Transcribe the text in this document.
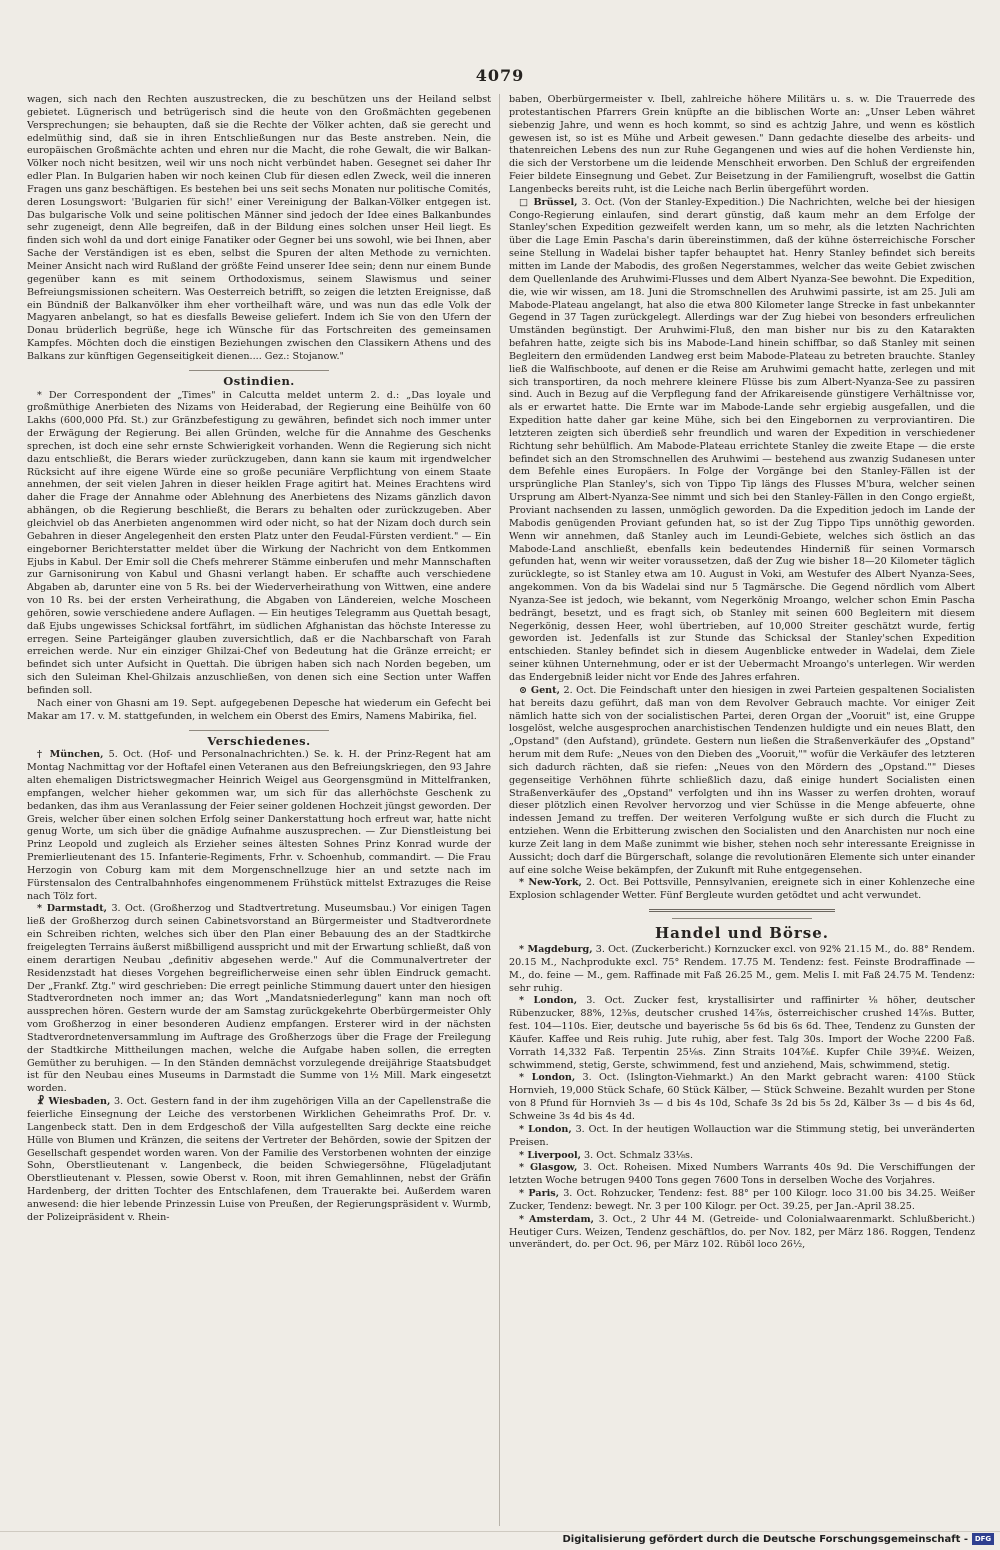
4079

wagen, sich nach den Rechten auszustrecken, die zu beschützen uns der Heiland selbst gebietet. Lügnerisch und betrügerisch sind die heute von den Großmächten gegebenen Versprechungen; sie behaupten, daß sie die Rechte der Völker achten, daß sie gerecht und edelmüthig sind, daß sie in ihren Entschließungen nur das Beste anstreben. Nein, die europäischen Großmächte achten und ehren nur die Macht, die rohe Gewalt, die wir Balkan-Völker noch nicht besitzen, weil wir uns noch nicht verbündet haben. Gesegnet sei daher Ihr edler Plan. In Bulgarien haben wir noch keinen Club für diesen edlen Zweck, weil die inneren Fragen uns ganz beschäftigen. Es bestehen bei uns seit sechs Monaten nur politische Comités, deren Losungswort: 'Bulgarien für sich!' einer Vereinigung der Balkan-Völker entgegen ist. Das bulgarische Volk und seine politischen Männer sind jedoch der Idee eines Balkanbundes sehr zugeneigt, denn Alle begreifen, daß in der Bildung eines solchen unser Heil liegt. Es finden sich wohl da und dort einige Fanatiker oder Gegner bei uns sowohl, wie bei Ihnen, aber Sache der Verständigen ist es eben, selbst die Spuren der alten Methode zu vernichten. Meiner Ansicht nach wird Rußland der größte Feind unserer Idee sein; denn nur einem Bunde gegenüber kann es mit seinem Orthodoxismus, seinem Slawismus und seiner Befreiungsmissionen scheitern. Was Oesterreich betrifft, so zeigen die letzten Ereignisse, daß ein Bündniß der Balkanvölker ihm eher vortheilhaft wäre, und was nun das edle Volk der Magyaren anbelangt, so hat es diesfalls Beweise geliefert. Indem ich Sie von den Ufern der Donau brüderlich begrüße, hege ich Wünsche für das Fortschreiten des gemeinsamen Kampfes. Möchten doch die einstigen Beziehungen zwischen den Classikern Athens und des Balkans zur künftigen Gegenseitigkeit dienen.... Gez.: Stojanow."

Ostindien.

* Der Correspondent der „Times" in Calcutta meldet unterm 2. d.: „Das loyale und großmüthige Anerbieten des Nizams von Heiderabad, der Regierung eine Beihülfe von 60 Lakhs (600,000 Pfd. St.) zur Gränzbefestigung zu gewähren, befindet sich noch immer unter der Erwägung der Regierung. Bei allen Gründen, welche für die Annahme des Geschenks sprechen, ist doch eine sehr ernste Schwierigkeit vorhanden. Wenn die Regierung sich nicht dazu entschließt, die Berars wieder zurückzugeben, dann kann sie kaum mit irgendwelcher Rücksicht auf ihre eigene Würde eine so große pecuniäre Verpflichtung von einem Staate annehmen, der seit vielen Jahren in dieser heiklen Frage agitirt hat. Meines Erachtens wird daher die Frage der Annahme oder Ablehnung des Anerbietens des Nizams gänzlich davon abhängen, ob die Regierung beschließt, die Berars zu behalten oder zurückzugeben. Aber gleichviel ob das Anerbieten angenommen wird oder nicht, so hat der Nizam doch durch sein Gebahren in dieser Angelegenheit den ersten Platz unter den Feudal-Fürsten verdient." — Ein eingeborner Berichterstatter meldet über die Wirkung der Nachricht von dem Entkommen Ejubs in Kabul. Der Emir soll die Chefs mehrerer Stämme einberufen und mehr Mannschaften zur Garnisonirung von Kabul und Ghasni verlangt haben. Er schaffte auch verschiedene Abgaben ab, darunter eine von 5 Rs. bei der Wiederverheirathung von Wittwen, eine andere von 10 Rs. bei der ersten Verheirathung, die Abgaben von Ländereien, welche Moscheen gehören, sowie verschiedene andere Auflagen. — Ein heutiges Telegramm aus Quettah besagt, daß Ejubs ungewisses Schicksal fortfährt, im südlichen Afghanistan das höchste Interesse zu erregen. Seine Parteigänger glauben zuversichtlich, daß er die Nachbarschaft von Farah erreichen werde. Nur ein einziger Ghilzai-Chef von Bedeutung hat die Gränze erreicht; er befindet sich unter Aufsicht in Quettah. Die übrigen haben sich nach Norden begeben, um sich den Suleiman Khel-Ghilzais anzuschließen, von denen sich eine Section unter Waffen befinden soll.

Nach einer von Ghasni am 19. Sept. aufgegebenen Depesche hat wiederum ein Gefecht bei Makar am 17. v. M. stattgefunden, in welchem ein Oberst des Emirs, Namens Mabirika, fiel.

Verschiedenes.

† München, 5. Oct. (Hof- und Personalnachrichten.) Se. k. H. der Prinz-Regent hat am Montag Nachmittag vor der Hoftafel einen Veteranen aus den Befreiungskriegen, den 93 Jahre alten ehemaligen Districtswegmacher Heinrich Weigel aus Georgensgmünd in Mittelfranken, empfangen, welcher hieher gekommen war, um sich für das allerhöchste Geschenk zu bedanken, das ihm aus Veranlassung der Feier seiner goldenen Hochzeit jüngst geworden. Der Greis, welcher über einen solchen Erfolg seiner Dankerstattung hoch erfreut war, hatte nicht genug Worte, um sich über die gnädige Aufnahme auszusprechen. — Zur Dienstleistung bei Prinz Leopold und zugleich als Erzieher seines ältesten Sohnes Prinz Konrad wurde der Premierlieutenant des 15. Infanterie-Regiments, Frhr. v. Schoenhub, commandirt. — Die Frau Herzogin von Coburg kam mit dem Morgenschnellzuge hier an und setzte nach im Fürstensalon des Centralbahnhofes eingenommenem Frühstück mittelst Extrazuges die Reise nach Tölz fort.

* Darmstadt, 3. Oct. (Großherzog und Stadtvertretung. Museumsbau.) Vor einigen Tagen ließ der Großherzog durch seinen Cabinetsvorstand an Bürgermeister und Stadtverordnete ein Schreiben richten, welches sich über den Plan einer Bebauung des an der Stadtkirche freigelegten Terrains äußerst mißbilligend ausspricht und mit der Erwartung schließt, daß von einem derartigen Neubau „definitiv abgesehen werde." Auf die Communalvertreter der Residenzstadt hat dieses Vorgehen begreiflicherweise einen sehr üblen Eindruck gemacht. Der „Frankf. Ztg." wird geschrieben: Die erregt peinliche Stimmung dauert unter den hiesigen Stadtverordneten noch immer an; das Wort „Mandatsniederlegung" kann man noch oft aussprechen hören. Gestern wurde der am Samstag zurückgekehrte Oberbürgermeister Ohly vom Großherzog in einer besonderen Audienz empfangen. Ersterer wird in der nächsten Stadtverordnetenversammlung im Auftrage des Großherzogs über die Frage der Freilegung der Stadtkirche Mittheilungen machen, welche die Aufgabe haben sollen, die erregten Gemüther zu beruhigen. — In den Ständen demnächst vorzulegende dreijährige Staatsbudget ist für den Neubau eines Museums in Darmstadt die Summe von 1½ Mill. Mark eingesetzt worden.

☧ Wiesbaden, 3. Oct. Gestern fand in der ihm zugehörigen Villa an der Capellenstraße die feierliche Einsegnung der Leiche des verstorbenen Wirklichen Geheimraths Prof. Dr. v. Langenbeck statt. Den in dem Erdgeschoß der Villa aufgestellten Sarg deckte eine reiche Hülle von Blumen und Kränzen, die seitens der Vertreter der Behörden, sowie der Spitzen der Gesellschaft gespendet worden waren. Von der Familie des Verstorbenen wohnten der einzige Sohn, Oberstlieutenant v. Langenbeck, die beiden Schwiegersöhne, Flügeladjutant Oberstlieutenant v. Plessen, sowie Oberst v. Roon, mit ihren Gemahlinnen, nebst der Gräfin Hardenberg, der dritten Tochter des Entschlafenen, dem Trauerakte bei. Außerdem waren anwesend: die hier lebende Prinzessin Luise von Preußen, der Regierungspräsident v. Wurmb, der Polizeipräsident v. Rhein-

baben, Oberbürgermeister v. Ibell, zahlreiche höhere Militärs u. s. w. Die Trauerrede des protestantischen Pfarrers Grein knüpfte an die biblischen Worte an: „Unser Leben währet siebenzig Jahre, und wenn es hoch kommt, so sind es achtzig Jahre, und wenn es köstlich gewesen ist, so ist es Mühe und Arbeit gewesen." Dann gedachte dieselbe des arbeits- und thatenreichen Lebens des nun zur Ruhe Gegangenen und wies auf die hohen Verdienste hin, die sich der Verstorbene um die leidende Menschheit erworben. Den Schluß der ergreifenden Feier bildete Einsegnung und Gebet. Zur Beisetzung in der Familiengruft, woselbst die Gattin Langenbecks bereits ruht, ist die Leiche nach Berlin übergeführt worden.

□ Brüssel, 3. Oct. (Von der Stanley-Expedition.) Die Nachrichten, welche bei der hiesigen Congo-Regierung einlaufen, sind derart günstig, daß kaum mehr an dem Erfolge der Stanley'schen Expedition gezweifelt werden kann, um so mehr, als die letzten Nachrichten über die Lage Emin Pascha's darin übereinstimmen, daß der kühne österreichische Forscher seine Stellung in Wadelai bisher tapfer behauptet hat. Henry Stanley befindet sich bereits mitten im Lande der Mabodis, des großen Negerstammes, welcher das weite Gebiet zwischen dem Quellenlande des Aruhwimi-Flusses und dem Albert Nyanza-See bewohnt. Die Expedition, die, wie wir wissen, am 18. Juni die Stromschnellen des Aruhwimi passirte, ist am 25. Juli am Mabode-Plateau angelangt, hat also die etwa 800 Kilometer lange Strecke in fast unbekannter Gegend in 37 Tagen zurückgelegt. Allerdings war der Zug hiebei von besonders erfreulichen Umständen begünstigt. Der Aruhwimi-Fluß, den man bisher nur bis zu den Katarakten befahren hatte, zeigte sich bis ins Mabode-Land hinein schiffbar, so daß Stanley mit seinen Begleitern den ermüdenden Landweg erst beim Mabode-Plateau zu betreten brauchte. Stanley ließ die Walfischboote, auf denen er die Reise am Aruhwimi gemacht hatte, zerlegen und mit sich transportiren, da noch mehrere kleinere Flüsse bis zum Albert-Nyanza-See zu passiren sind. Auch in Bezug auf die Verpflegung fand der Afrikareisende günstigere Verhältnisse vor, als er erwartet hatte. Die Ernte war im Mabode-Lande sehr ergiebig ausgefallen, und die Expedition hatte daher gar keine Mühe, sich bei den Eingebornen zu verproviantiren. Die letzteren zeigten sich überdieß sehr freundlich und waren der Expedition in verschiedener Richtung sehr behülflich. Am Mabode-Plateau errichtete Stanley die zweite Etape — die erste befindet sich an den Stromschnellen des Aruhwimi — bestehend aus zwanzig Sudanesen unter dem Befehle eines Europäers. In Folge der Vorgänge bei den Stanley-Fällen ist der ursprüngliche Plan Stanley's, sich von Tippo Tip längs des Flusses M'bura, welcher seinen Ursprung am Albert-Nyanza-See nimmt und sich bei den Stanley-Fällen in den Congo ergießt, Proviant nachsenden zu lassen, unmöglich geworden. Da die Expedition jedoch im Lande der Mabodis genügenden Proviant gefunden hat, so ist der Zug Tippo Tips unnöthig geworden. Wenn wir annehmen, daß Stanley auch im Leundi-Gebiete, welches sich östlich an das Mabode-Land anschließt, ebenfalls kein bedeutendes Hinderniß für seinen Vormarsch gefunden hat, wenn wir weiter voraussetzen, daß der Zug wie bisher 18—20 Kilometer täglich zurücklegte, so ist Stanley etwa am 10. August in Voki, am Westufer des Albert Nyanza-Sees, angekommen. Von da bis Wadelai sind nur 5 Tagmärsche. Die Gegend nördlich vom Albert Nyanza-See ist jedoch, wie bekannt, vom Negerkönig Mroango, welcher schon Emin Pascha bedrängt, besetzt, und es fragt sich, ob Stanley mit seinen 600 Begleitern mit diesem Negerkönig, dessen Heer, wohl übertrieben, auf 10,000 Streiter geschätzt wurde, fertig geworden ist. Jedenfalls ist zur Stunde das Schicksal der Stanley'schen Expedition entschieden. Stanley befindet sich in diesem Augenblicke entweder in Wadelai, dem Ziele seiner kühnen Unternehmung, oder er ist der Uebermacht Mroango's unterlegen. Wir werden das Endergebniß leider nicht vor Ende des Jahres erfahren.

⊙ Gent, 2. Oct. Die Feindschaft unter den hiesigen in zwei Parteien gespaltenen Socialisten hat bereits dazu geführt, daß man von dem Revolver Gebrauch machte. Vor einiger Zeit nämlich hatte sich von der socialistischen Partei, deren Organ der „Vooruit" ist, eine Gruppe losgelöst, welche ausgesprochen anarchistischen Tendenzen huldigte und ein neues Blatt, den „Opstand" (den Aufstand), gründete. Gestern nun ließen die Straßenverkäufer des „Opstand" herum mit dem Rufe: „Neues von den Dieben des „Vooruit,"" wofür die Verkäufer des letzteren sich dadurch rächten, daß sie riefen: „Neues von den Mördern des „Opstand."" Dieses gegenseitige Verhöhnen führte schließlich dazu, daß einige hundert Socialisten einen Straßenverkäufer des „Opstand" verfolgten und ihn ins Wasser zu werfen drohten, worauf dieser plötzlich einen Revolver hervorzog und vier Schüsse in die Menge abfeuerte, ohne indessen Jemand zu treffen. Der weiteren Verfolgung wußte er sich durch die Flucht zu entziehen. Wenn die Erbitterung zwischen den Socialisten und den Anarchisten nur noch eine kurze Zeit lang in dem Maße zunimmt wie bisher, stehen noch sehr interessante Ereignisse in Aussicht; doch darf die Bürgerschaft, solange die revolutionären Elemente sich unter einander auf eine solche Weise bekämpfen, der Zukunft mit Ruhe entgegensehen.

* New-York, 2. Oct. Bei Pottsville, Pennsylvanien, ereignete sich in einer Kohlenzeche eine Explosion schlagender Wetter. Fünf Bergleute wurden getödtet und acht verwundet.

Handel und Börse.

* Magdeburg, 3. Oct. (Zuckerbericht.) Kornzucker excl. von 92% 21.15 M., do. 88° Rendem. 20.15 M., Nachprodukte excl. 75° Rendem. 17.75 M. Tendenz: fest. Feinste Brodraffinade — M., do. feine — M., gem. Raffinade mit Faß 26.25 M., gem. Melis I. mit Faß 24.75 M. Tendenz: sehr ruhig.

* London, 3. Oct. Zucker fest, krystallisirter und raffinirter ⅛ höher, deutscher Rübenzucker, 88%, 12⅜s, deutscher crushed 14⅞s, österreichischer crushed 14⅞s. Butter, fest. 104—110s. Eier, deutsche und bayerische 5s 6d bis 6s 6d. Thee, Tendenz zu Gunsten der Käufer. Kaffee und Reis ruhig. Jute ruhig, aber fest. Talg 30s. Import der Woche 2200 Faß. Vorrath 14,332 Faß. Terpentin 25⅛s. Zinn Straits 104⅞£. Kupfer Chile 39¾£. Weizen, schwimmend, stetig, Gerste, schwimmend, fest und anziehend, Mais, schwimmend, stetig.

* London, 3. Oct. (Islington-Viehmarkt.) An den Markt gebracht waren: 4100 Stück Hornvieh, 19,000 Stück Schafe, 60 Stück Kälber, — Stück Schweine. Bezahlt wurden per Stone von 8 Pfund für Hornvieh 3s — d bis 4s 10d, Schafe 3s 2d bis 5s 2d, Kälber 3s — d bis 4s 6d, Schweine 3s 4d bis 4s 4d.

* London, 3. Oct. In der heutigen Wollauction war die Stimmung stetig, bei unveränderten Preisen.

* Liverpool, 3. Oct. Schmalz 33⅛s.

* Glasgow, 3. Oct. Roheisen. Mixed Numbers Warrants 40s 9d. Die Verschiffungen der letzten Woche betrugen 9400 Tons gegen 7600 Tons in derselben Woche des Vorjahres.

* Paris, 3. Oct. Rohzucker, Tendenz: fest. 88° per 100 Kilogr. loco 31.00 bis 34.25. Weißer Zucker, Tendenz: bewegt. Nr. 3 per 100 Kilogr. per Oct. 39.25, per Jan.-April 38.25.

* Amsterdam, 3. Oct., 2 Uhr 44 M. (Getreide- und Colonialwaarenmarkt. Schlußbericht.) Heutiger Curs. Weizen, Tendenz geschäftlos, do. per Nov. 182, per März 186. Roggen, Tendenz unverändert, do. per Oct. 96, per März 102. Rüböl loco 26½,

Digitalisierung gefördert durch die Deutsche Forschungsgemeinschaft - DFG
